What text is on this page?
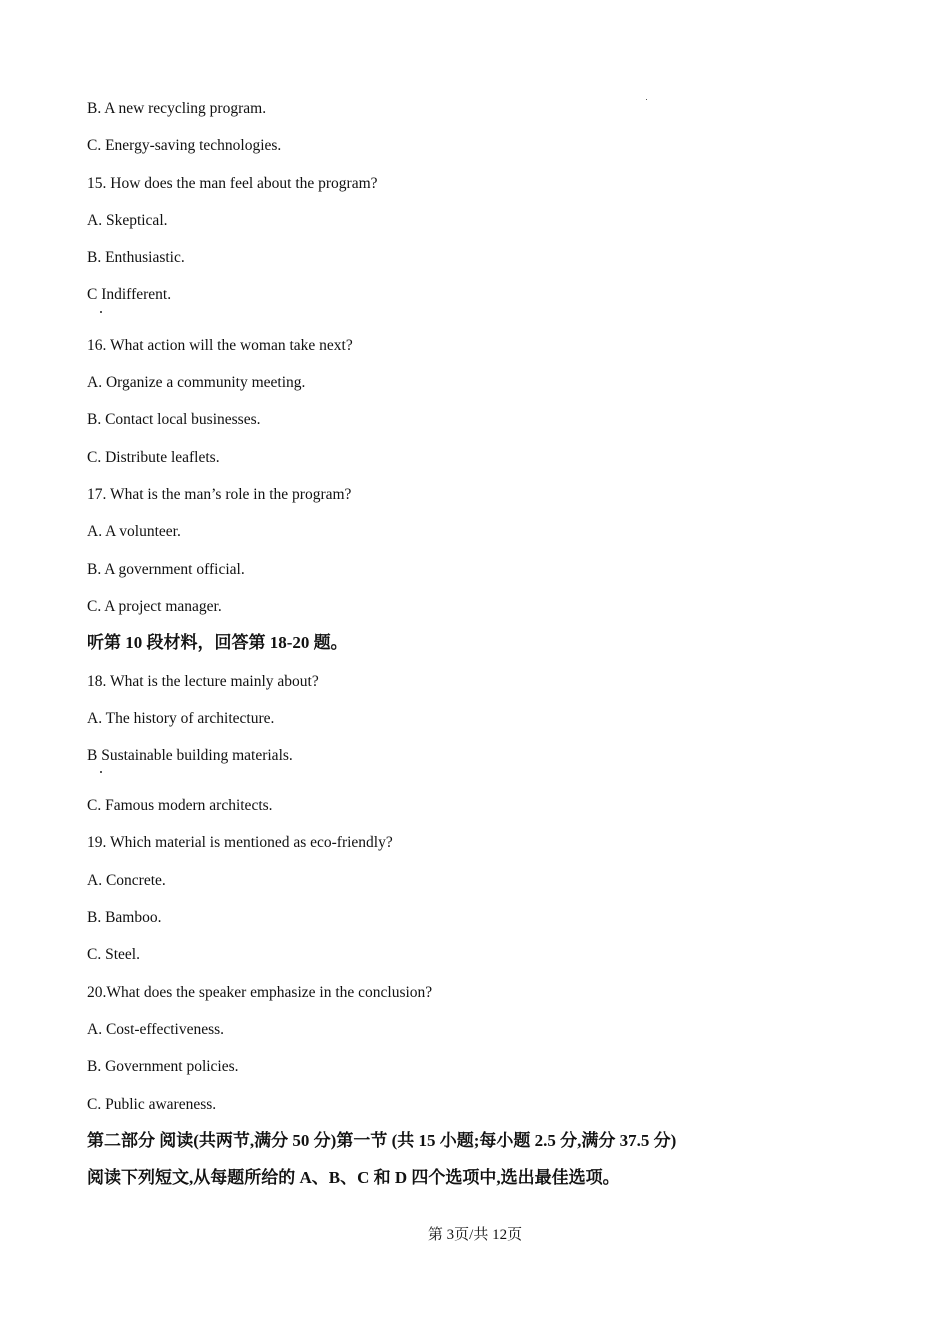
B. A new recycling program.
C. Energy-saving technologies.
15. How does the man feel about the program?
A. Skeptical.
B. Enthusiastic.
C Indifferent.
16. What action will the woman take next?
A. Organize a community meeting.
B. Contact local businesses.
C. Distribute leaflets.
17. What is the man’s role in the program?
A. A volunteer.
B. A government official.
C. A project manager.
听第 10 段材料，回答第 18-20 题。
18. What is the lecture mainly about?
A. The history of architecture.
B Sustainable building materials.
C. Famous modern architects.
19. Which material is mentioned as eco-friendly?
A. Concrete.
B. Bamboo.
C. Steel.
20.What does the speaker emphasize in the conclusion?
A. Cost-effectiveness.
B. Government policies.
C. Public awareness.
第二部分 阅读(共两节,满分 50 分)第一节 (共 15 小题;每小题 2.5 分,满分 37.5 分)
阅读下列短文,从每题所给的 A、B、C 和 D 四个选项中,选出最佳选项。
第 3页/共 12页
